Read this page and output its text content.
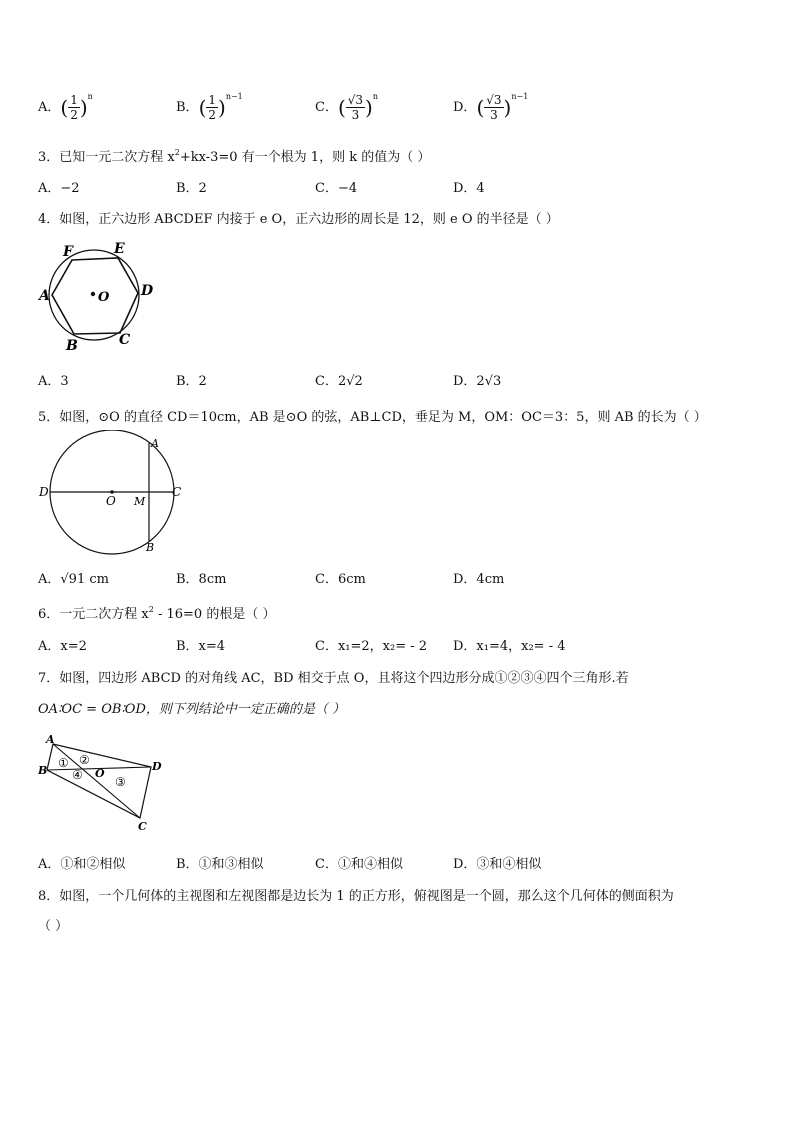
A．( $\frac{1}{2} )^n$
B．( $\frac{1}{2} )^{n-1}$
C．( $\frac{√3}{3} )^n$
D．( $\frac{√3}{3} )^{n-1}$
3．已知一元二次方程 $x^2+kx-3=0$ 有一个根为 1，则 k 的值为（ ）
A．−2	B．2	C．−4	D．4
4．如图，正六边形 ABCDEF 内接于 e O，正六边形的周长是 12，则 e O 的半径是（ ）
F	E
A	O D
B	C
A．3	B．2	C．2√2	D．2√3
5．如图，⊙O 的直径 CD＝10cm，AB 是⊙O 的弦，AB⊥CD，垂足为 M，OM：OC＝3：5，则 AB 的长为（ ）
A
D
O M
C
B
A．√91 cm	B．8cm	C．6cm	D．4cm
6．一元二次方程 $x^2 - 16=0$ 的根是（ ）
A．x=2	B．x=4	C．x₁=2，x₂= - 2 D．x₁=4，x₂= - 4
7．如图，四边形 ABCD 的对角线 AC，BD 相交于点 O，且将这个四边形分成①②③④四个三角形.若
OA∶OC = OB∶OD，则下列结论中一定正确的是（ ）
A
B
① ②
④ O
③
D
C
A．①和②相似	B．①和③相似	C．①和④相似	D．③和④相似
8．如图，一个几何体的主视图和左视图都是边长为 1 的正方形，俯视图是一个圆，那么这个几何体的侧面积为
（ ）
